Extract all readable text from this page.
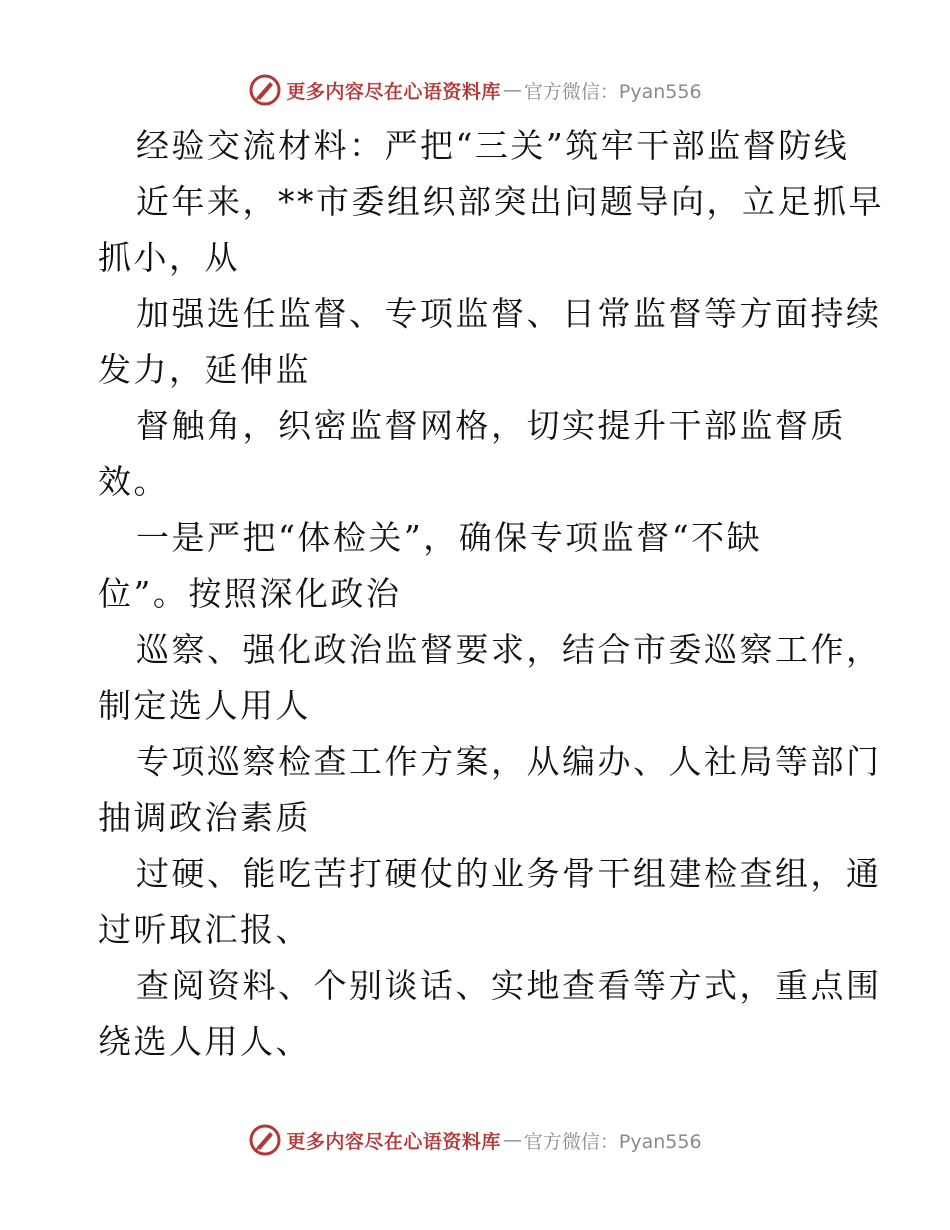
更多内容尽在心语资料库 — 官方微信：Pyan556
经验交流材料：严把“三关”筑牢干部监督防线
近年来，**市委组织部突出问题导向，立足抓早
抓小，从
加强选任监督、专项监督、日常监督等方面持续
发力，延伸监
督触角，织密监督网格，切实提升干部监督质
效。
一是严把“体检关”，确保专项监督“不缺
位”。按照深化政治
巡察、强化政治监督要求，结合市委巡察工作，
制定选人用人
专项巡察检查工作方案，从编办、人社局等部门
抽调政治素质
过硬、能吃苦打硬仗的业务骨干组建检查组，通
过听取汇报、
查阅资料、个别谈话、实地查看等方式，重点围
绕选人用人、
更多内容尽在心语资料库 — 官方微信：Pyan556
